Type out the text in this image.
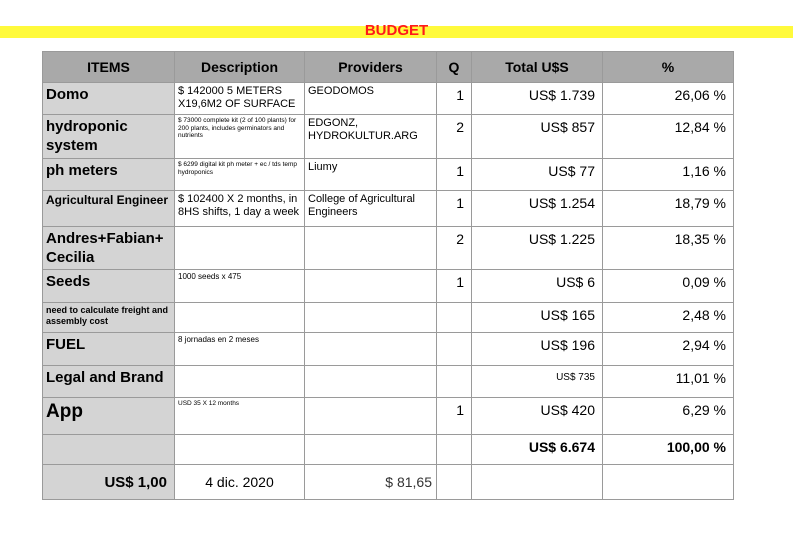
BUDGET
ITEMS	Description	Providers	Q	Total U$S	%
Domo	$ 142000 5 METERS X19,6M2 OF SURFACE	GEODOMOS	1	US$ 1.739	26,06 %
hydroponic system	$ 73000 complete kit (2 of 100 plants) for 200 plants, includes germinators and nutrients	EDGONZ, HYDROKULTUR.ARG	2	US$ 857	12,84 %
ph meters	$ 6299 digital kit ph meter + ec / tds temp hydroponics	Liumy	1	US$ 77	1,16 %
Agricultural Engineer	$ 102400 X 2 months, in 8HS shifts, 1 day a week	College of Agricultural Engineers	1	US$ 1.254	18,79 %
Andres+Fabian+ Cecilia			2	US$ 1.225	18,35 %
Seeds	1000 seeds x 475		1	US$ 6	0,09 %
need to calculate freight and assembly cost				US$ 165	2,48 %
FUEL	8 jornadas en 2 meses			US$ 196	2,94 %
Legal and Brand				US$ 735	11,01 %
App	USD 35 X 12 months		1	US$ 420	6,29 %
				US$ 6.674	100,00 %
US$ 1,00	4 dic. 2020	$ 81,65			
